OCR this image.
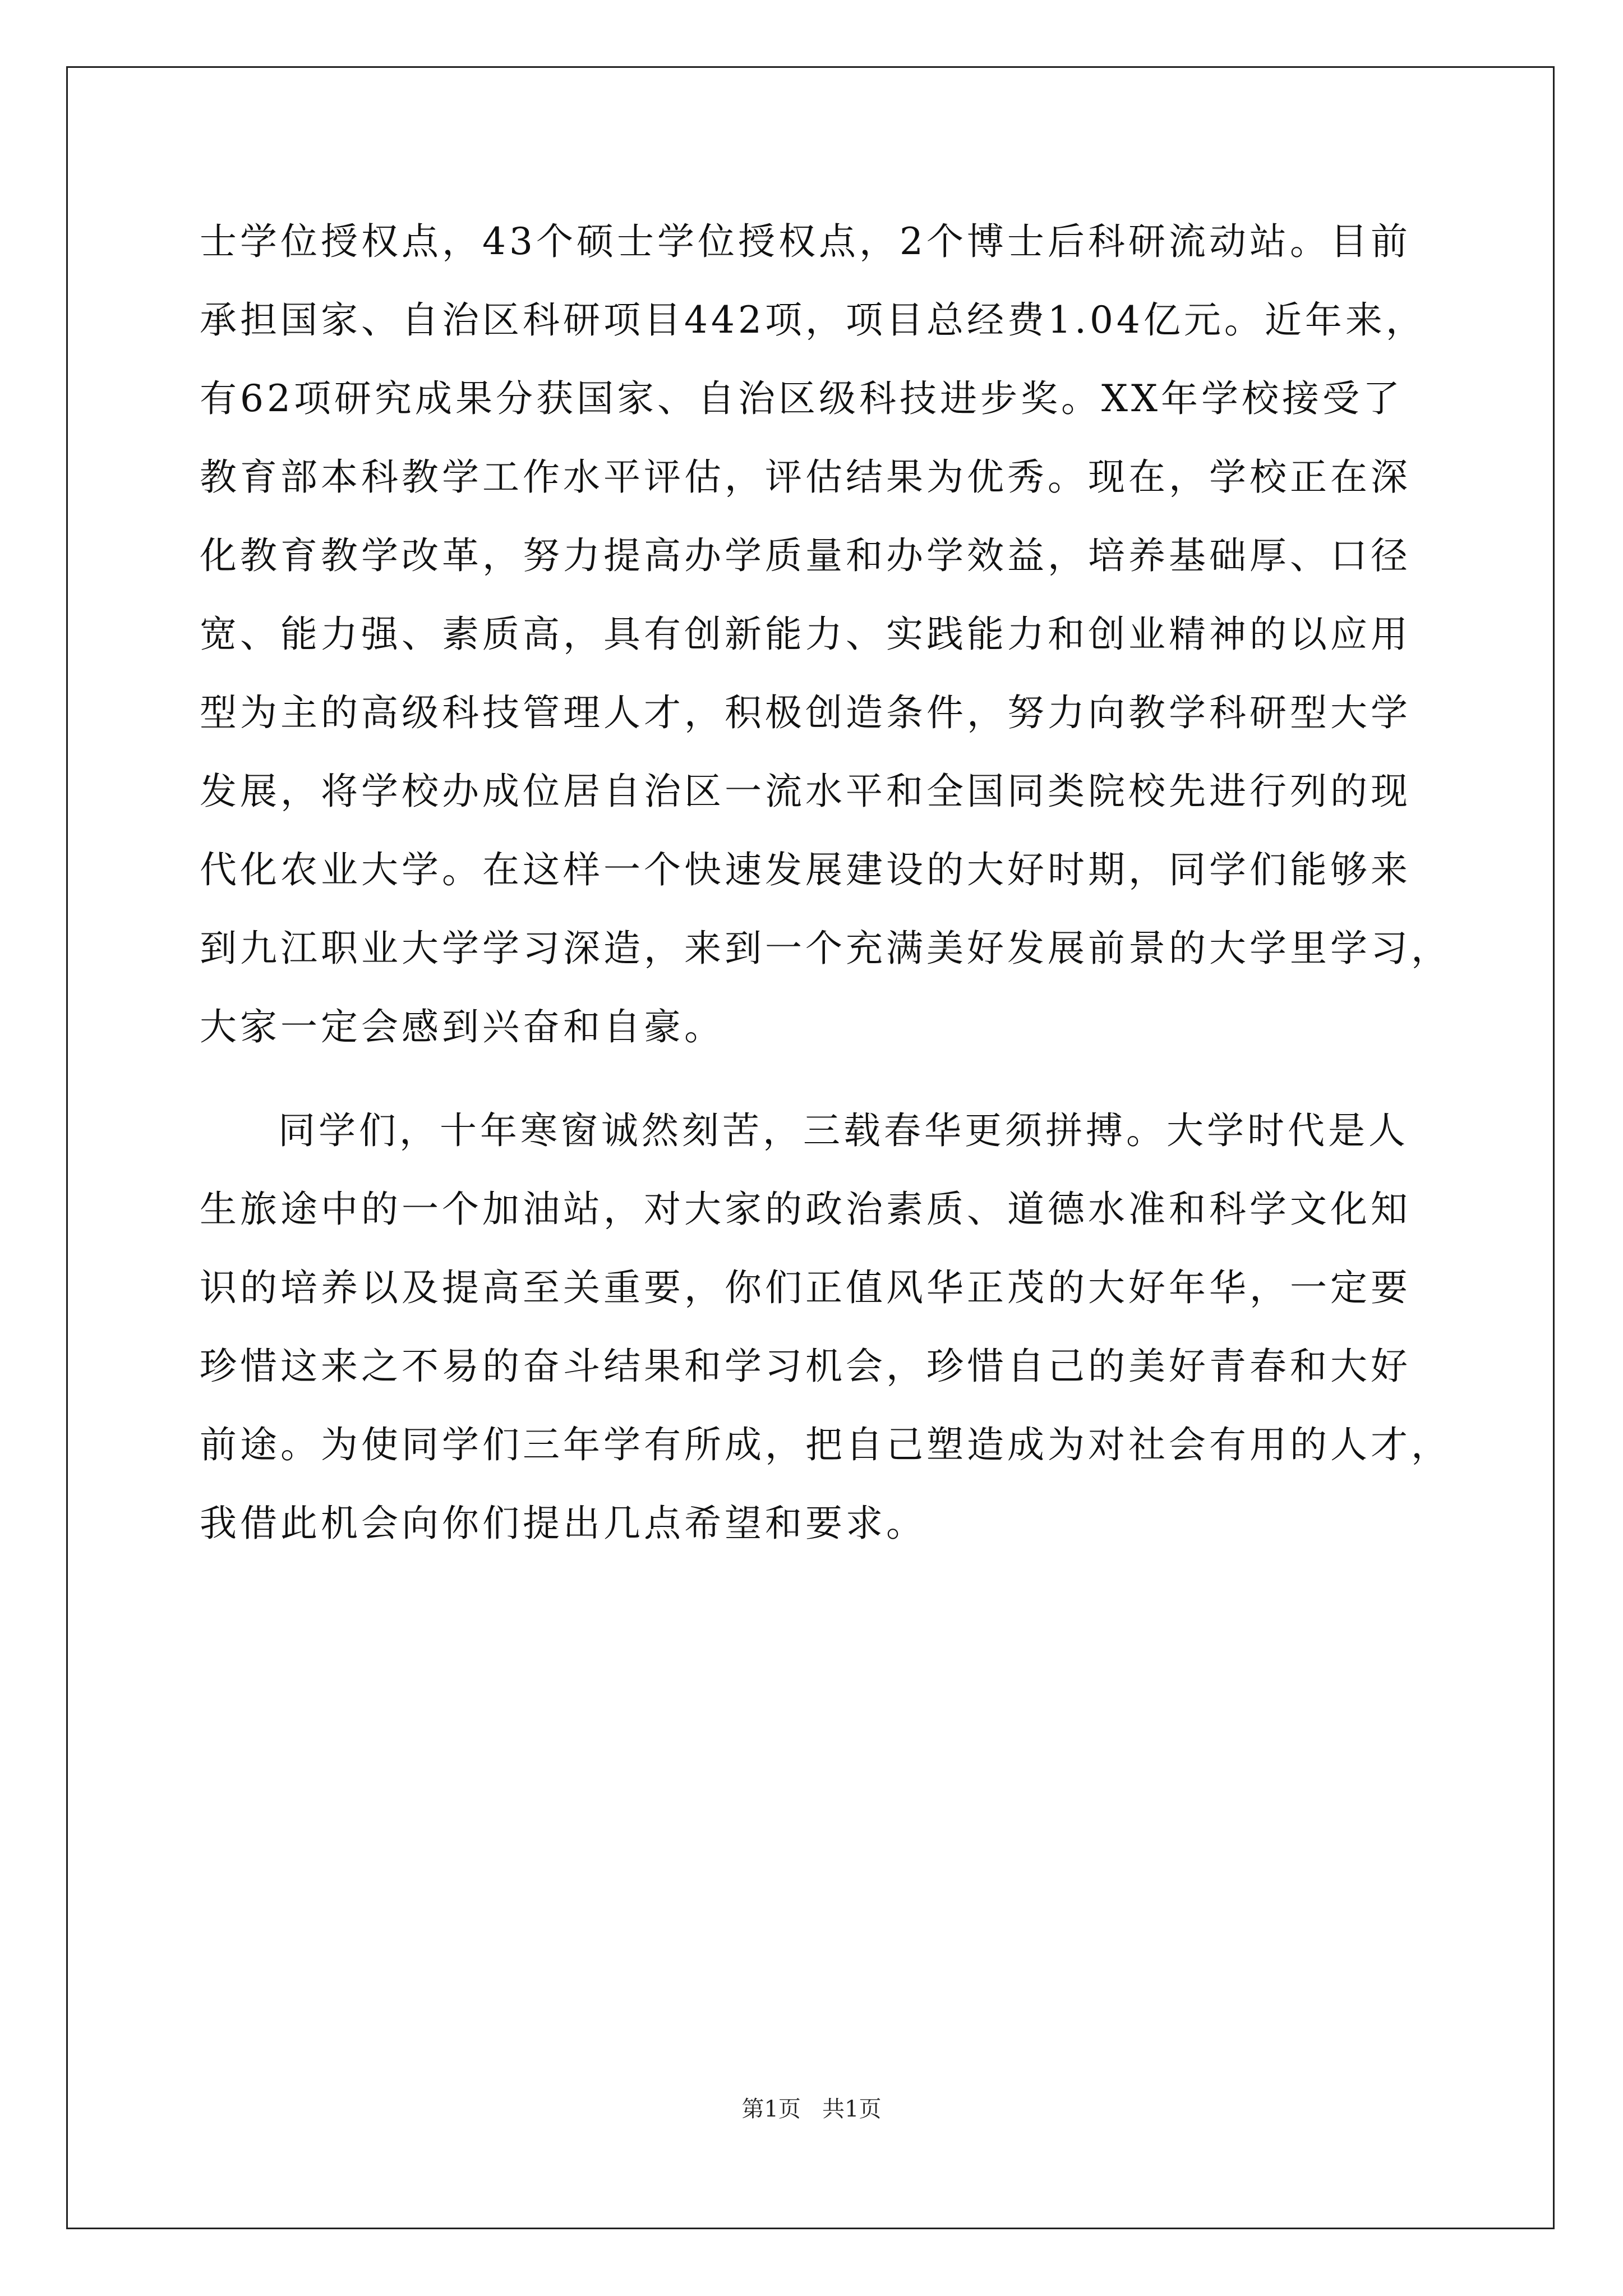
士学位授权点，43个硕士学位授权点，2个博士后科研流动站。目前
承担国家、自治区科研项目442项，项目总经费1.04亿元。近年来，
有62项研究成果分获国家、自治区级科技进步奖。XX年学校接受了
教育部本科教学工作水平评估，评估结果为优秀。现在，学校正在深
化教育教学改革，努力提高办学质量和办学效益，培养基础厚、口径
宽、能力强、素质高，具有创新能力、实践能力和创业精神的以应用
型为主的高级科技管理人才，积极创造条件，努力向教学科研型大学
发展，将学校办成位居自治区一流水平和全国同类院校先进行列的现
代化农业大学。在这样一个快速发展建设的大好时期，同学们能够来
到九江职业大学学习深造，来到一个充满美好发展前景的大学里学习，
大家一定会感到兴奋和自豪。
同学们，十年寒窗诚然刻苦，三载春华更须拼搏。大学时代是人
生旅途中的一个加油站，对大家的政治素质、道德水准和科学文化知
识的培养以及提高至关重要，你们正值风华正茂的大好年华，一定要
珍惜这来之不易的奋斗结果和学习机会，珍惜自己的美好青春和大好
前途。为使同学们三年学有所成，把自己塑造成为对社会有用的人才，
我借此机会向你们提出几点希望和要求。
第1页   共1页
